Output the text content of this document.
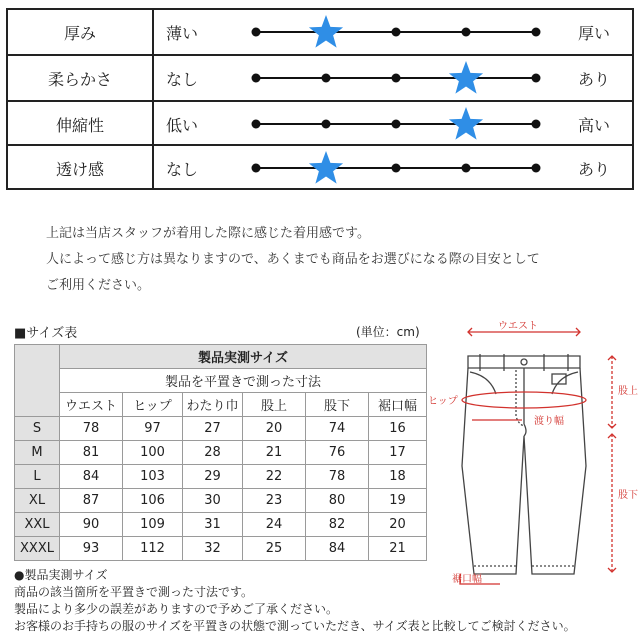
厚み	薄い	厚い
柔らかさ	なし	あり
伸縮性	低い	高い
透け感	なし	あり
上記は当店スタッフが着用した際に感じた着用感です。
人によって感じ方は異なりますので、あくまでも商品をお選びになる際の目安として
ご利用ください。
■サイズ表	(単位：cm)
	製品実測サイズ					
	製品を平置きで測った寸法					
	ウエスト	ヒップ	わたり巾	股上	股下	裾口幅
S	78	97	27	20	74	16
M	81	100	28	21	76	17
L	84	103	29	22	78	18
XL	87	106	30	23	80	19
XXL	90	109	31	24	82	20
XXXL	93	112	32	25	84	21
ウエスト
ヒップ
渡り幅
股上
股下
裾口幅
●製品実測サイズ
商品の該当箇所を平置きで測った寸法です。
製品により多少の誤差がありますので予めご了承ください。
お客様のお手持ちの服のサイズを平置きの状態で測っていただき、サイズ表と比較してご検討ください。
